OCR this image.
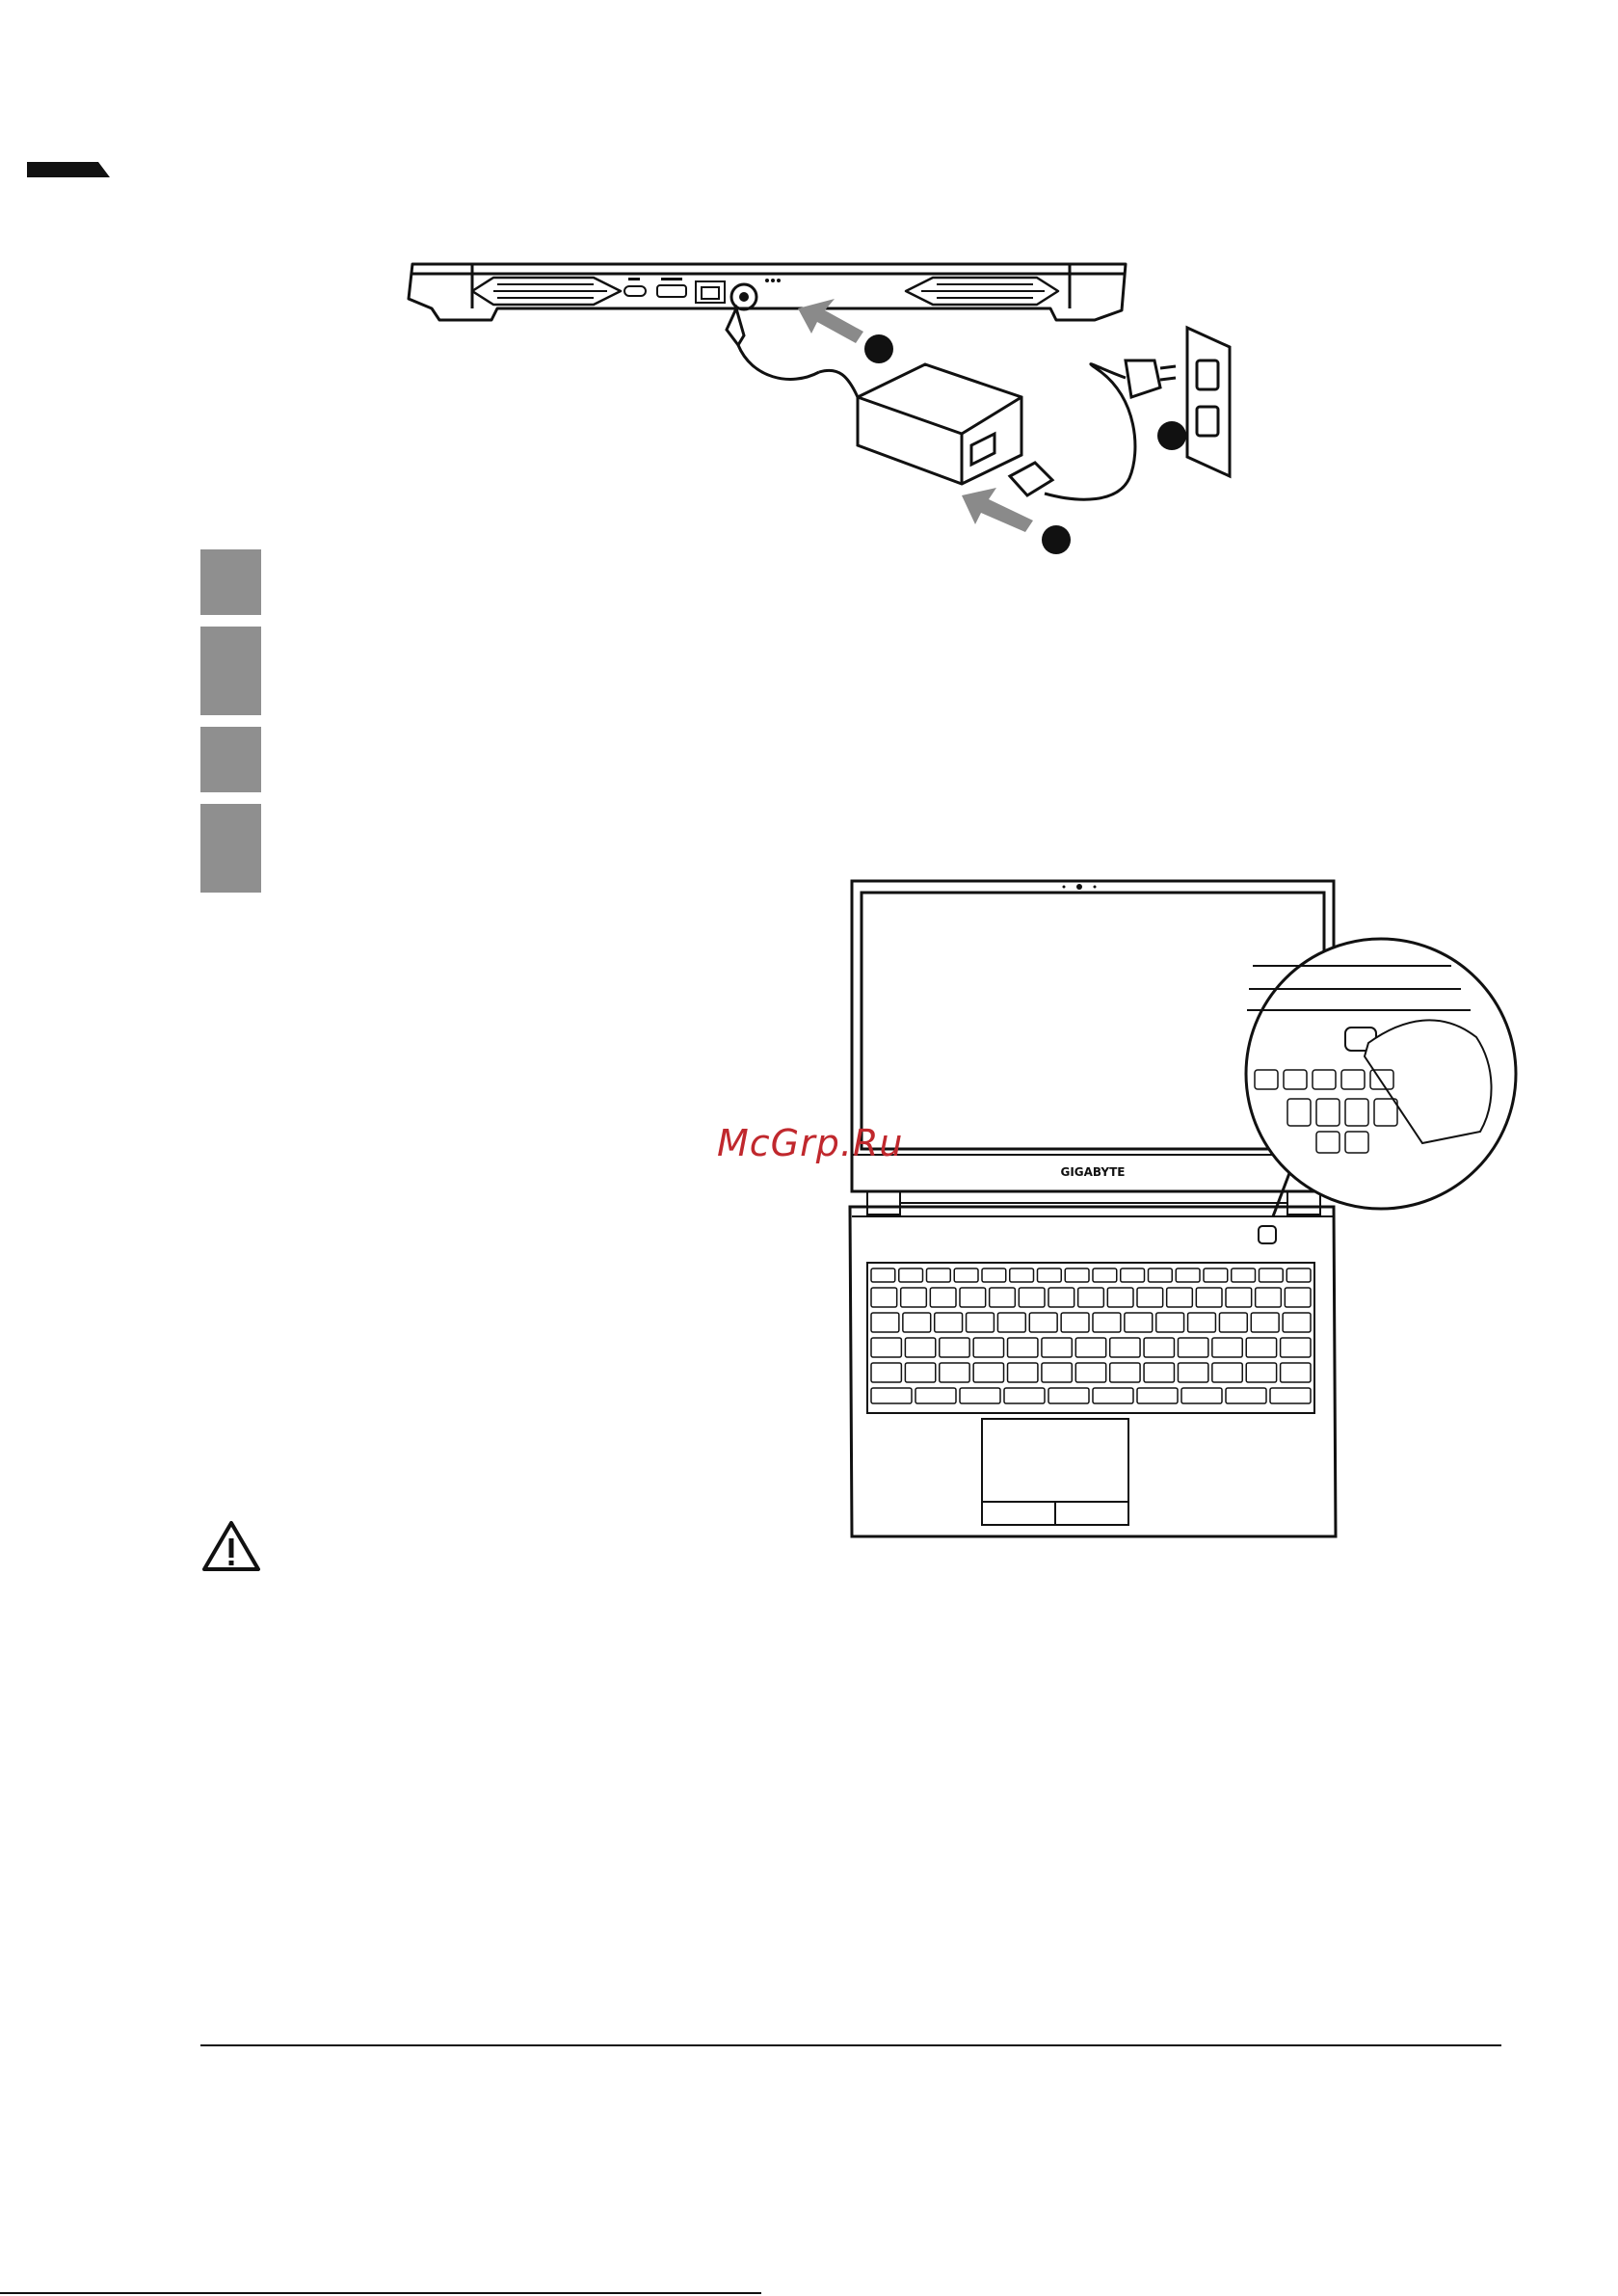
GIGABYTE
McGrp.Ru
